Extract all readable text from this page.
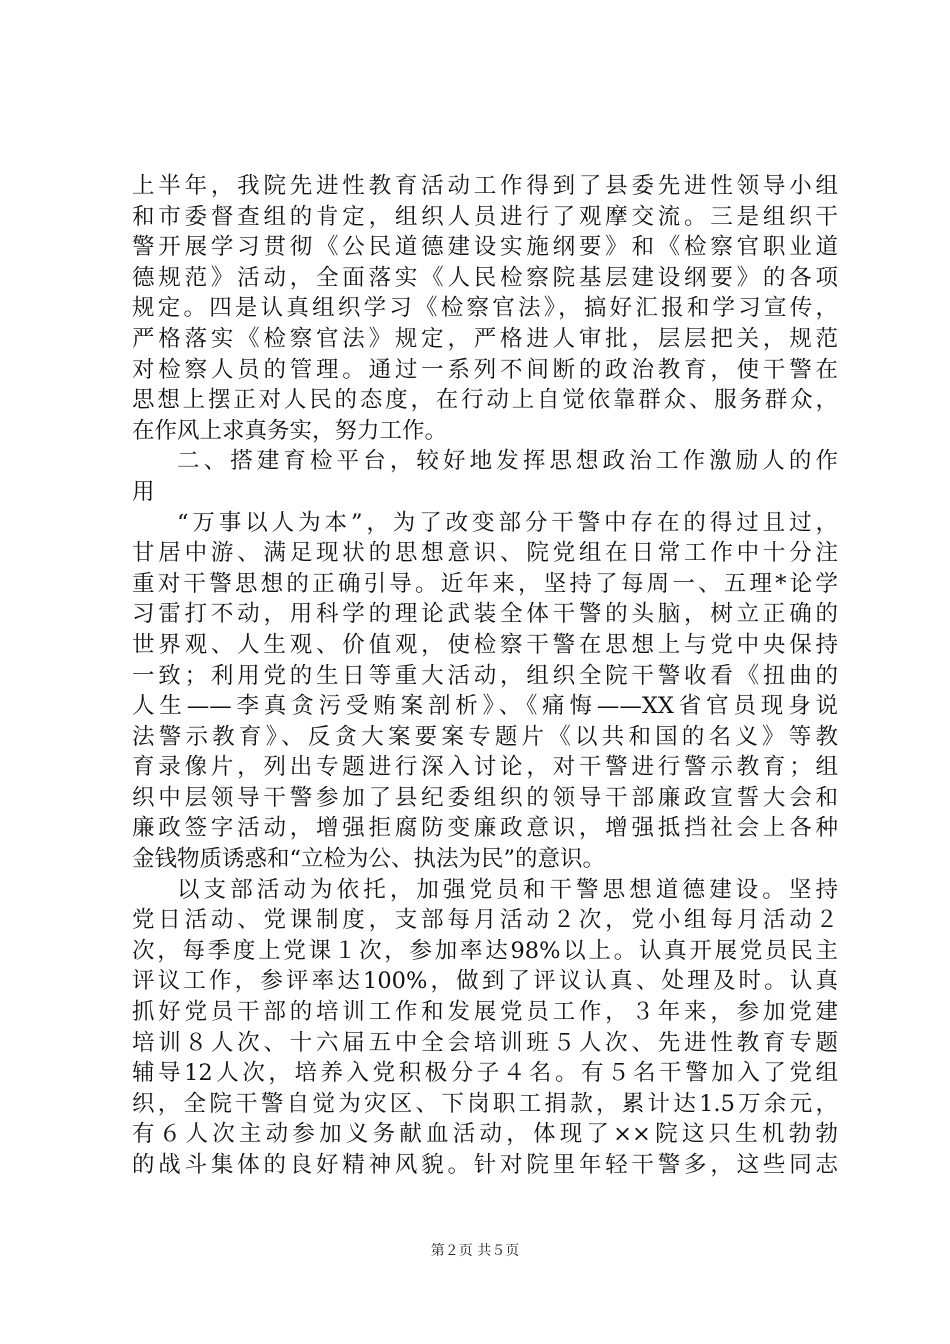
上半年，我院先进性教育活动工作得到了县委先进性领导小组
和市委督查组的肯定，组织人员进行了观摩交流。三是组织干
警开展学习贯彻《公民道德建设实施纲要》和《检察官职业道
德规范》活动，全面落实《人民检察院基层建设纲要》的各项
规定。四是认真组织学习《检察官法》，搞好汇报和学习宣传，
严格落实《检察官法》规定，严格进人审批，层层把关，规范
对检察人员的管理。通过一系列不间断的政治教育，使干警在
思想上摆正对人民的态度，在行动上自觉依靠群众、服务群众，
在作风上求真务实，努力工作。
二、搭建育检平台，较好地发挥思想政治工作激励人的作
用
“万事以人为本”，为了改变部分干警中存在的得过且过，
甘居中游、满足现状的思想意识、院党组在日常工作中十分注
重对干警思想的正确引导。近年来，坚持了每周一、五理*论学
习雷打不动，用科学的理论武装全体干警的头脑，树立正确的
世界观、人生观、价值观，使检察干警在思想上与党中央保持
一致；利用党的生日等重大活动，组织全院干警收看《扭曲的
人生——李真贪污受贿案剖析》、《痛悔——XX省官员现身说
法警示教育》、反贪大案要案专题片《以共和国的名义》等教
育录像片，列出专题进行深入讨论，对干警进行警示教育；组
织中层领导干警参加了县纪委组织的领导干部廉政宣誓大会和
廉政签字活动，增强拒腐防变廉政意识，增强抵挡社会上各种
金钱物质诱惑和“立检为公、执法为民”的意识。
以支部活动为依托，加强党员和干警思想道德建设。坚持
党日活动、党课制度，支部每月活动２次，党小组每月活动２
次，每季度上党课１次，参加率达98%以上。认真开展党员民主
评议工作，参评率达100%，做到了评议认真、处理及时。认真
抓好党员干部的培训工作和发展党员工作，３年来，参加党建
培训８人次、十六届五中全会培训班５人次、先进性教育专题
辅导12人次，培养入党积极分子４名。有５名干警加入了党组
织，全院干警自觉为灾区、下岗职工捐款，累计达1.5万余元，
有６人次主动参加义务献血活动，体现了××院这只生机勃勃
的战斗集体的良好精神风貌。针对院里年轻干警多，这些同志
第２页 共５页
